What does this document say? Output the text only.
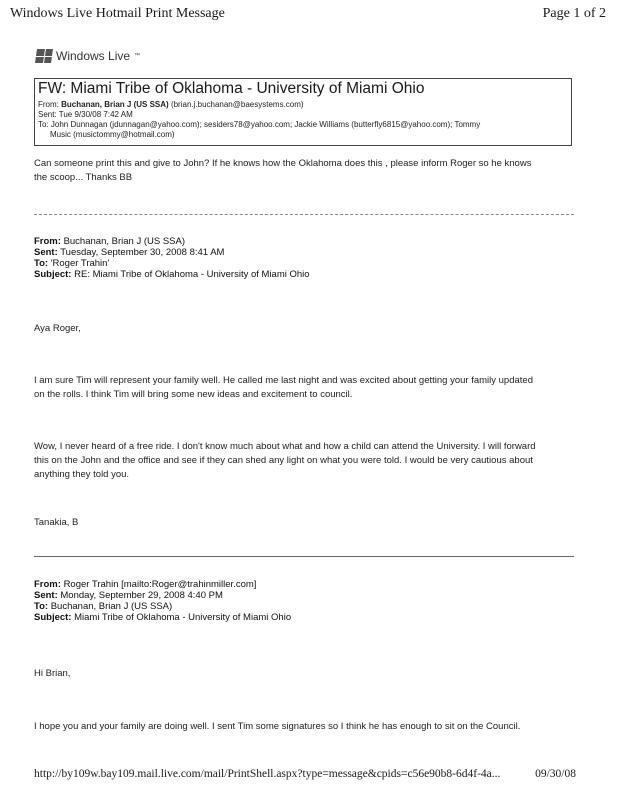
Windows Live Hotmail Print Message	Page 1 of 2
Windows Live ™
FW: Miami Tribe of Oklahoma - University of Miami Ohio
From: Buchanan, Brian J (US SSA) (brian.j.buchanan@baesystems.com)
Sent: Tue 9/30/08 7:42 AM
To: John Dunnagan (jdunnagan@yahoo.com); sesiders78@yahoo.com; Jackie Williams (butterfly6815@yahoo.com); Tommy
Music (musictommy@hotmail.com)
Can someone print this and give to John? If he knows how the Oklahoma does this , please inform Roger so he knows
the scoop... Thanks BB
From: Buchanan, Brian J (US SSA)
Sent: Tuesday, September 30, 2008 8:41 AM
To: 'Roger Trahin'
Subject: RE: Miami Tribe of Oklahoma - University of Miami Ohio
Aya Roger,
I am sure Tim will represent your family well. He called me last night and was excited about getting your family updated
on the rolls. I think Tim will bring some new ideas and excitement to council.
Wow, I never heard of a free ride. I don't know much about what and how a child can attend the University. I will forward
this on the John and the office and see if they can shed any light on what you were told. I would be very cautious about
anything they told you.
Tanakia, B
From: Roger Trahin [mailto:Roger@trahinmiller.com]
Sent: Monday, September 29, 2008 4:40 PM
To: Buchanan, Brian J (US SSA)
Subject: Miami Tribe of Oklahoma - University of Miami Ohio
Hi Brian,
I hope you and your family are doing well. I sent Tim some signatures so I think he has enough to sit on the Council.
http://by109w.bay109.mail.live.com/mail/PrintShell.aspx?type=message&cpids=c56e90b8-6d4f-4a...	09/30/08
